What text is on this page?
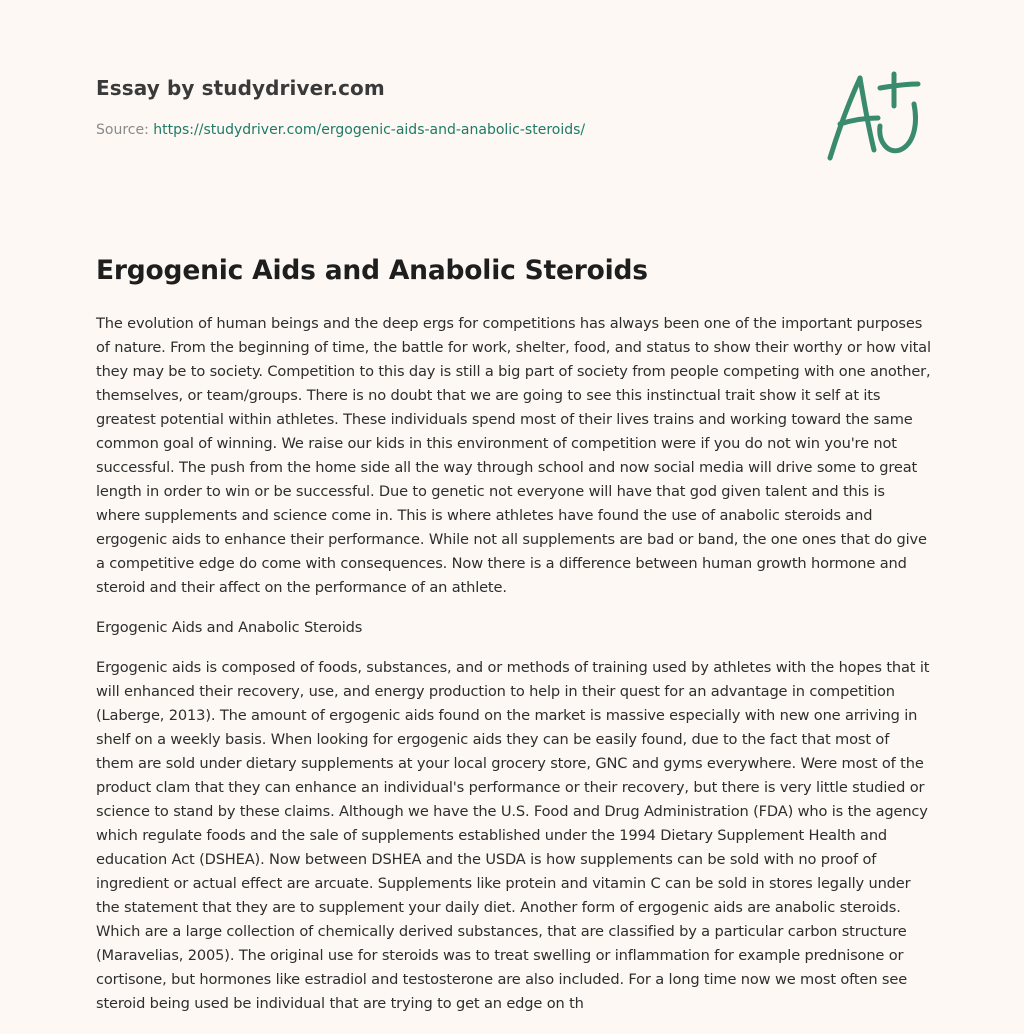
Essay by studydriver.com
Source: https://studydriver.com/ergogenic-aids-and-anabolic-steroids/
Ergogenic Aids and Anabolic Steroids

The evolution of human beings and the deep ergs for competitions has always been one of the important purposes of nature. From the beginning of time, the battle for work, shelter, food, and status to show their worthy or how vital they may be to society. Competition to this day is still a big part of society from people competing with one another, themselves, or team/groups. There is no doubt that we are going to see this instinctual trait show it self at its greatest potential within athletes. These individuals spend most of their lives trains and working toward the same common goal of winning. We raise our kids in this environment of competition were if you do not win you're not successful. The push from the home side all the way through school and now social media will drive some to great length in order to win or be successful. Due to genetic not everyone will have that god given talent and this is where supplements and science come in. This is where athletes have found the use of anabolic steroids and ergogenic aids to enhance their performance. While not all supplements are bad or band, the one ones that do give a competitive edge do come with consequences. Now there is a difference between human growth hormone and steroid and their affect on the performance of an athlete.

Ergogenic Aids and Anabolic Steroids

Ergogenic aids is composed of foods, substances, and or methods of training used by athletes with the hopes that it will enhanced their recovery, use, and energy production to help in their quest for an advantage in competition (Laberge, 2013). The amount of ergogenic aids found on the market is massive especially with new one arriving in shelf on a weekly basis. When looking for ergogenic aids they can be easily found, due to the fact that most of them are sold under dietary supplements at your local grocery store, GNC and gyms everywhere. Were most of the product clam that they can enhance an individual's performance or their recovery, but there is very little studied or science to stand by these claims. Although we have the U.S. Food and Drug Administration (FDA) who is the agency which regulate foods and the sale of supplements established under the 1994 Dietary Supplement Health and education Act (DSHEA). Now between DSHEA and the USDA is how supplements can be sold with no proof of ingredient or actual effect are arcuate. Supplements like protein and vitamin C can be sold in stores legally under the statement that they are to supplement your daily diet. Another form of ergogenic aids are anabolic steroids. Which are a large collection of chemically derived substances, that are classified by a particular carbon structure (Maravelias, 2005). The original use for steroids was to treat swelling or inflammation for example prednisone or cortisone, but hormones like estradiol and testosterone are also included. For a long time now we most often see steroid being used be individual that are trying to get an edge on th
